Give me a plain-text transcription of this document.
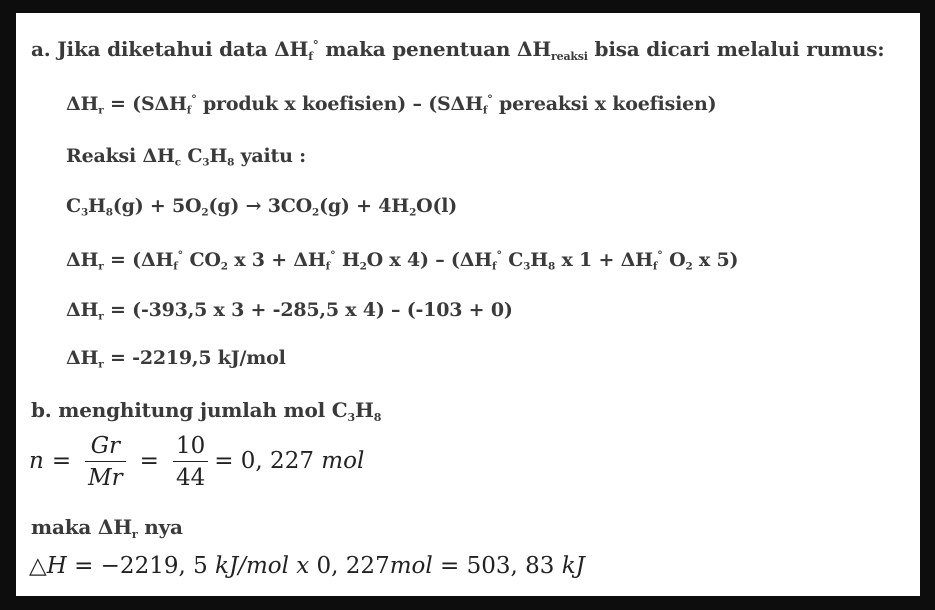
a. Jika diketahui data $\Delta H_f^\circ$ maka penentuan $\Delta H_{reaksi}$ bisa dicari melalui rumus:
$\Delta H_r = (S\Delta H_f^\circ$ produk x koefisien) – ($S\Delta H_f^\circ$ pereaksi x koefisien)
Reaksi $\Delta H_c$ $C_3H_8$ yaitu :
$C_3H_8(g) + 5O_2(g) \to 3CO_2(g) + 4H_2O(l)$
$\Delta H_r = (\Delta H_f^\circ$ $CO_2$ x $3 + \Delta H_f^\circ$ $H_2O$ x $4) - (\Delta H_f^\circ$ $C_3H_8$ x $1 + \Delta H_f^\circ$ $O_2$ x 5)
$\Delta H_r = (-393,5$ x 3 + -285,5 x 4) – (-103 + 0)
$\Delta H_r = -2219,5$ kJ/mol
b. menghitung jumlah mol $C_3H_8$
$n = \frac{Gr}{Mr} = \frac{10}{44} = 0$, 227 mol
maka $\Delta H_r$ nya
△H = −2219, 5 kJ/mol x 0, 227mol = 503, 83 kJ
